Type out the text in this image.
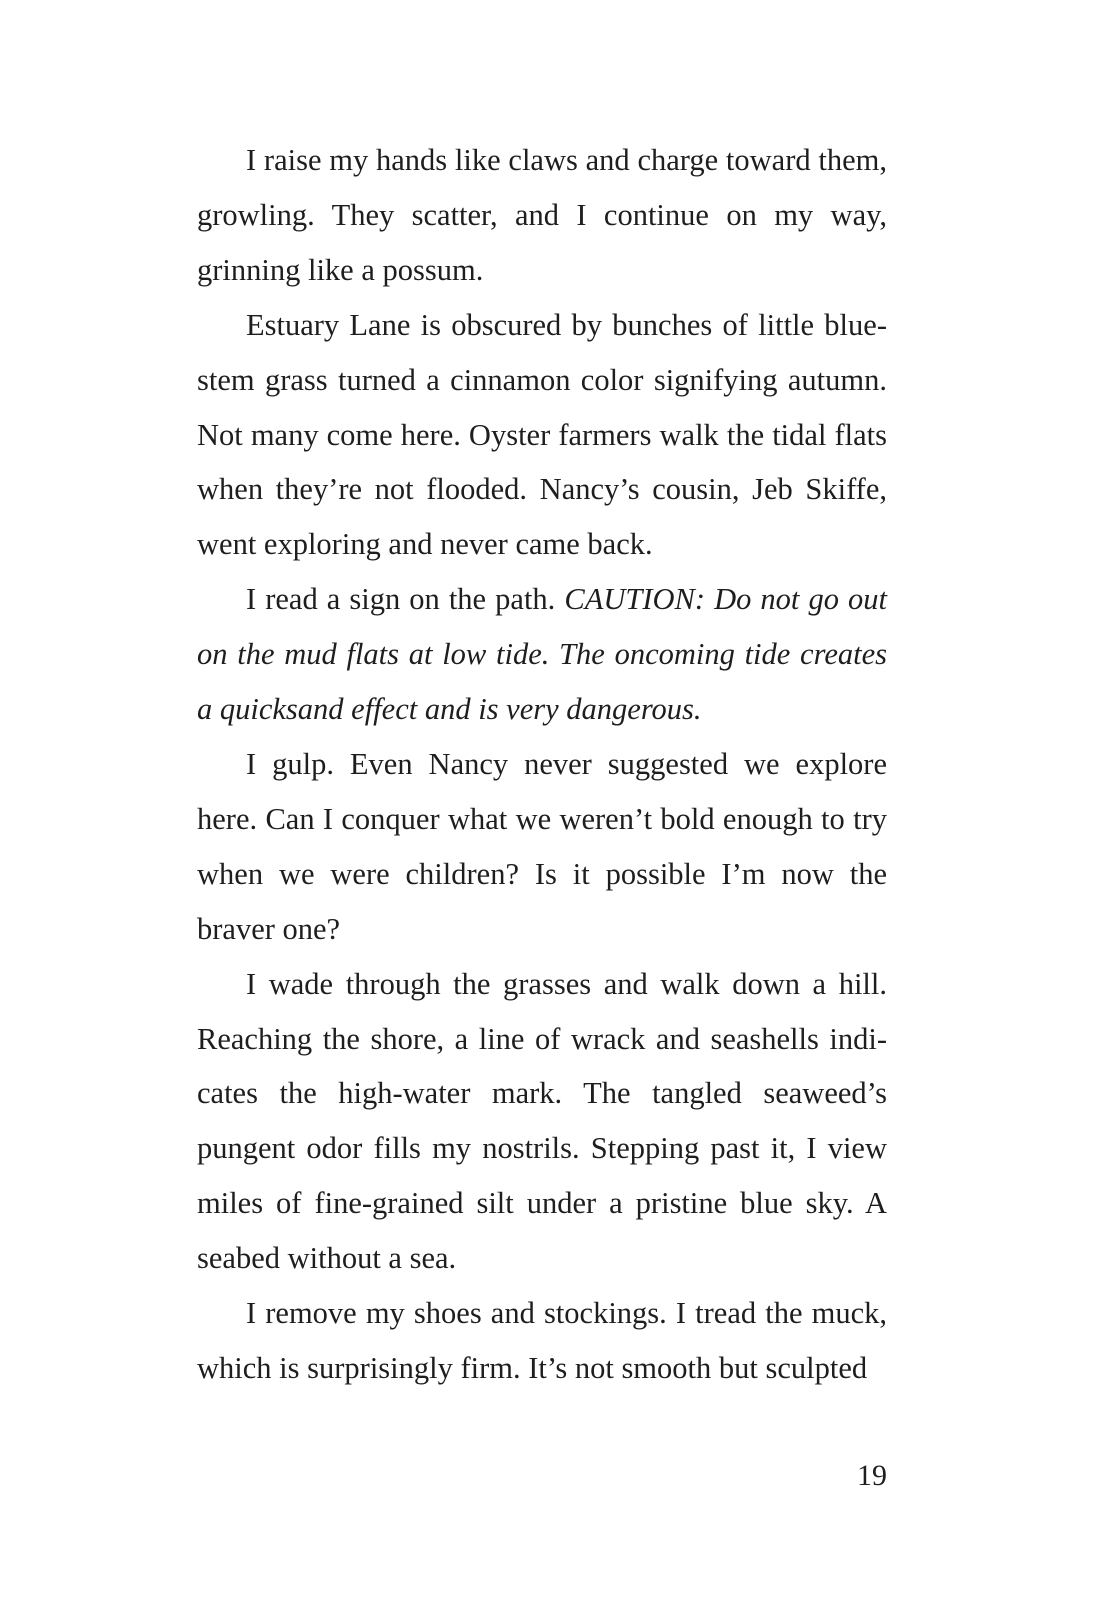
I raise my hands like claws and charge toward them, growling. They scatter, and I continue on my way, grinning like a possum.

Estuary Lane is obscured by bunches of little bluestem grass turned a cinnamon color signifying autumn. Not many come here. Oyster farmers walk the tidal flats when they’re not flooded. Nancy’s cousin, Jeb Skiffe, went exploring and never came back.

I read a sign on the path. CAUTION: Do not go out on the mud flats at low tide. The oncoming tide creates a quicksand effect and is very dangerous.

I gulp. Even Nancy never suggested we explore here. Can I conquer what we weren’t bold enough to try when we were children? Is it possible I’m now the braver one?

I wade through the grasses and walk down a hill. Reaching the shore, a line of wrack and seashells indicates the high-water mark. The tangled seaweed’s pungent odor fills my nostrils. Stepping past it, I view miles of fine-grained silt under a pristine blue sky. A seabed without a sea.

I remove my shoes and stockings. I tread the muck, which is surprisingly firm. It’s not smooth but sculpted

19
